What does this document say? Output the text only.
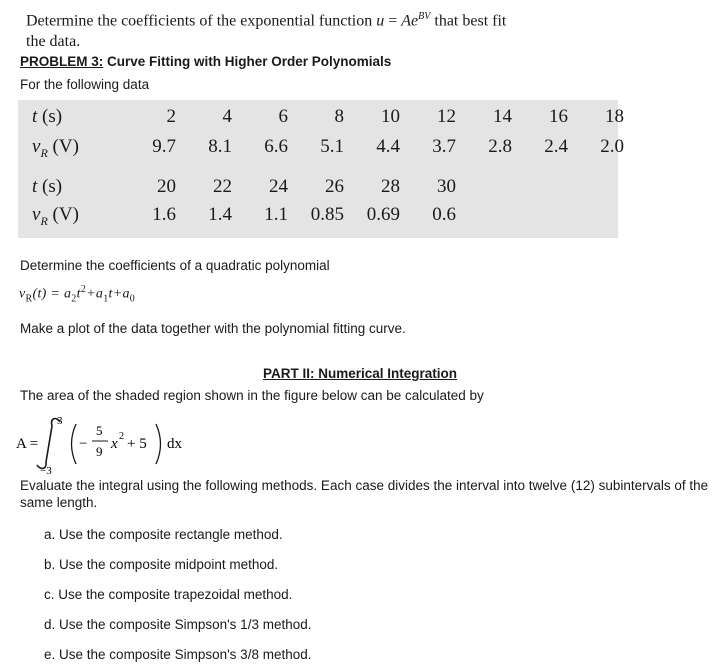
Determine the coefficients of the exponential function $u = Ae^{BV}$ that best fit
the data.
PROBLEM 3: Curve Fitting with Higher Order Polynomials
For the following data
t (s)	2	4	6	8	10	12	14	16	18
$v_R$ (V)	9.7	8.1	6.6	5.1	4.4	3.7	2.8	2.4	2.0
t (s)	20	22	24	26	28	30
$v_R$ (V)	1.6	1.4	1.1	0.85	0.69	0.6
Determine the coefficients of a quadratic polynomial
$v_R(t) = a_2t^2+a_1t+a_0$
Make a plot of the data together with the polynomial fitting curve.
PART II: Numerical Integration
The area of the shaded region shown in the figure below can be calculated by
A =
3
−3
−
5
9 x 2 + 5 dx
Evaluate the integral using the following methods. Each case divides the interval into twelve (12) subintervals of the same length.
a. Use the composite rectangle method.
b. Use the composite midpoint method.
c. Use the composite trapezoidal method.
d. Use the composite Simpson's 1/3 method.
e. Use the composite Simpson's 3/8 method.
